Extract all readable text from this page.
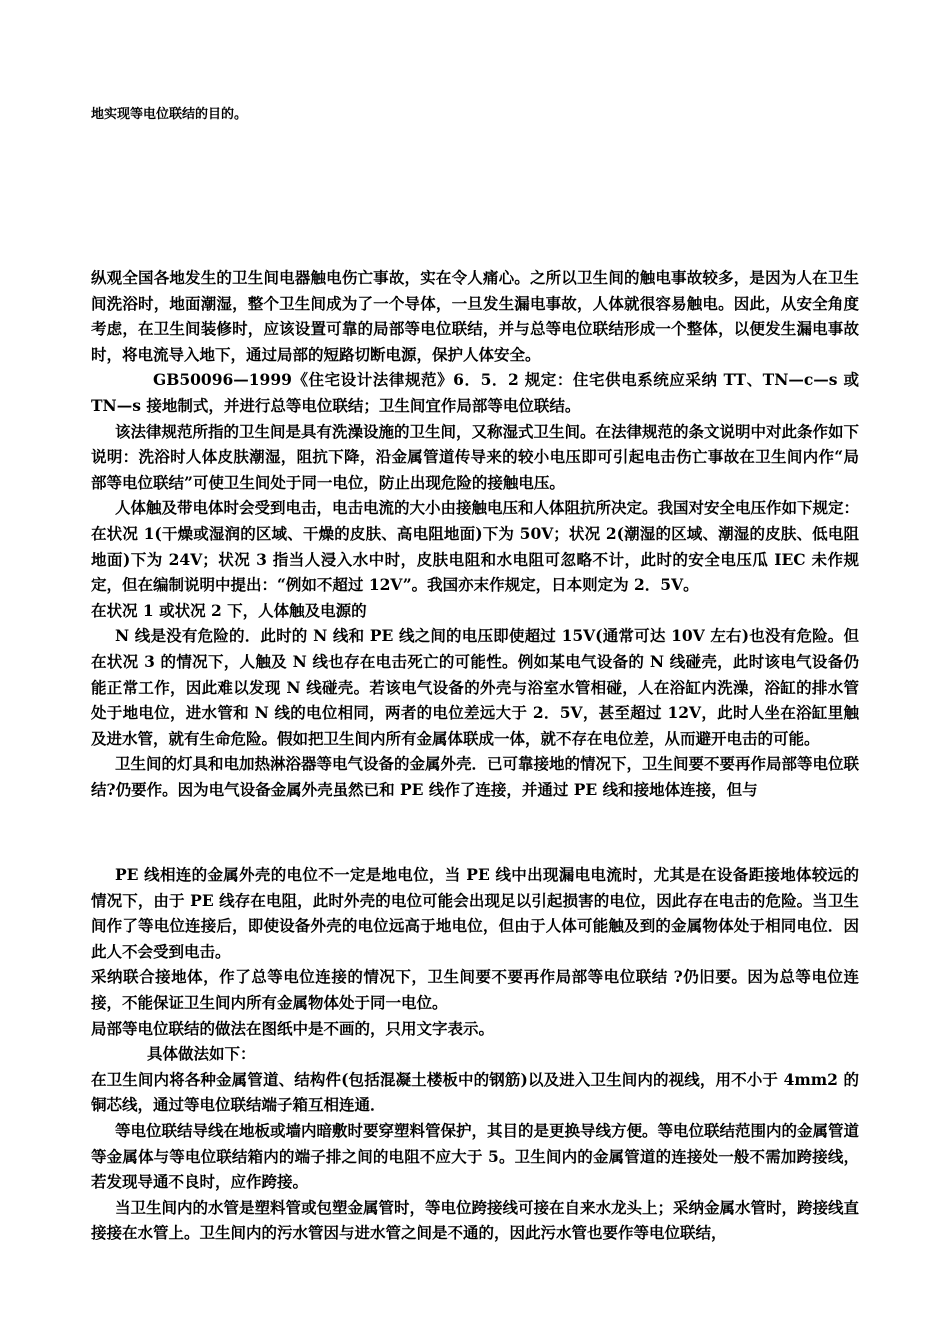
地实现等电位联结的目的。

纵观全国各地发生的卫生间电器触电伤亡事故，实在令人痛心。之所以卫生间的触电事故较多，是因为人在卫生间洗浴时，地面潮湿，整个卫生间成为了一个导体，一旦发生漏电事故，人体就很容易触电。因此，从安全角度考虑，在卫生间装修时，应该设置可靠的局部等电位联结，并与总等电位联结形成一个整体，以便发生漏电事故时，将电流导入地下，通过局部的短路切断电源，保护人体安全。

GB50096—1999《住宅设计法律规范》6．5．2 规定：住宅供电系统应采纳 TT、TN—c—s 或 TN—s 接地制式，并进行总等电位联结；卫生间宜作局部等电位联结。

该法律规范所指的卫生间是具有洗澡设施的卫生间，又称湿式卫生间。在法律规范的条文说明中对此条作如下说明：洗浴时人体皮肤潮湿，阻抗下降，沿金属管道传导来的较小电压即可引起电击伤亡事故在卫生间内作“局部等电位联结”可使卫生间处于同一电位，防止出现危险的接触电压。

人体触及带电体时会受到电击，电击电流的大小由接触电压和人体阻抗所决定。我国对安全电压作如下规定：在状况 1(干燥或湿润的区域、干燥的皮肤、高电阻地面)下为 50V；状况 2(潮湿的区域、潮湿的皮肤、低电阻地面)下为 24V；状况 3 指当人浸入水中时，皮肤电阻和水电阻可忽略不计，此时的安全电压瓜 IEC 未作规定，但在编制说明中提出：“例如不超过 12V”。我国亦末作规定，日本则定为 2．5V。

在状况 1 或状况 2 下，人体触及电源的

N 线是没有危险的．此时的 N 线和 PE 线之间的电压即使超过 15V(通常可达 10V 左右)也没有危险。但在状况 3 的情况下，人触及 N 线也存在电击死亡的可能性。例如某电气设备的 N 线碰壳，此时该电气设备仍能正常工作，因此难以发现 N 线碰壳。若该电气设备的外壳与浴室水管相碰，人在浴缸内洗澡，浴缸的排水管处于地电位，进水管和 N 线的电位相同，两者的电位差远大于 2．5V，甚至超过 12V，此时人坐在浴缸里触及进水管，就有生命危险。假如把卫生间内所有金属体联成一体，就不存在电位差，从而避开电击的可能。

卫生间的灯具和电加热淋浴器等电气设备的金属外壳．已可靠接地的情况下，卫生间要不要再作局部等电位联结?仍要作。因为电气设备金属外壳虽然已和 PE 线作了连接，并通过 PE 线和接地体连接，但与

PE 线相连的金属外壳的电位不一定是地电位，当 PE 线中出现漏电电流时，尤其是在设备距接地体较远的情况下，由于 PE 线存在电阻，此时外壳的电位可能会出现足以引起损害的电位，因此存在电击的危险。当卫生间作了等电位连接后，即使设备外壳的电位远高于地电位，但由于人体可能触及到的金属物体处于相同电位．因此人不会受到电击。

采纳联合接地体，作了总等电位连接的情况下，卫生间要不要再作局部等电位联结 ?仍旧要。因为总等电位连接，不能保证卫生间内所有金属物体处于同一电位。

局部等电位联结的做法在图纸中是不画的，只用文字表示。

具体做法如下：

在卫生间内将各种金属管道、结构件(包括混凝土楼板中的钢筋)以及进入卫生间内的视线，用不小于 4mm2 的铜芯线，通过等电位联结端子箱互相连通．

等电位联结导线在地板或墙内暗敷时要穿塑料管保护，其目的是更换导线方便。等电位联结范围内的金属管道等金属体与等电位联结箱内的端子排之间的电阻不应大于 5。卫生间内的金属管道的连接处一般不需加跨接线，若发现导通不良时，应作跨接。

当卫生间内的水管是塑料管或包塑金属管时，等电位跨接线可接在自来水龙头上；采纳金属水管时，跨接线直接接在水管上。卫生间内的污水管因与进水管之间是不通的，因此污水管也要作等电位联结，
